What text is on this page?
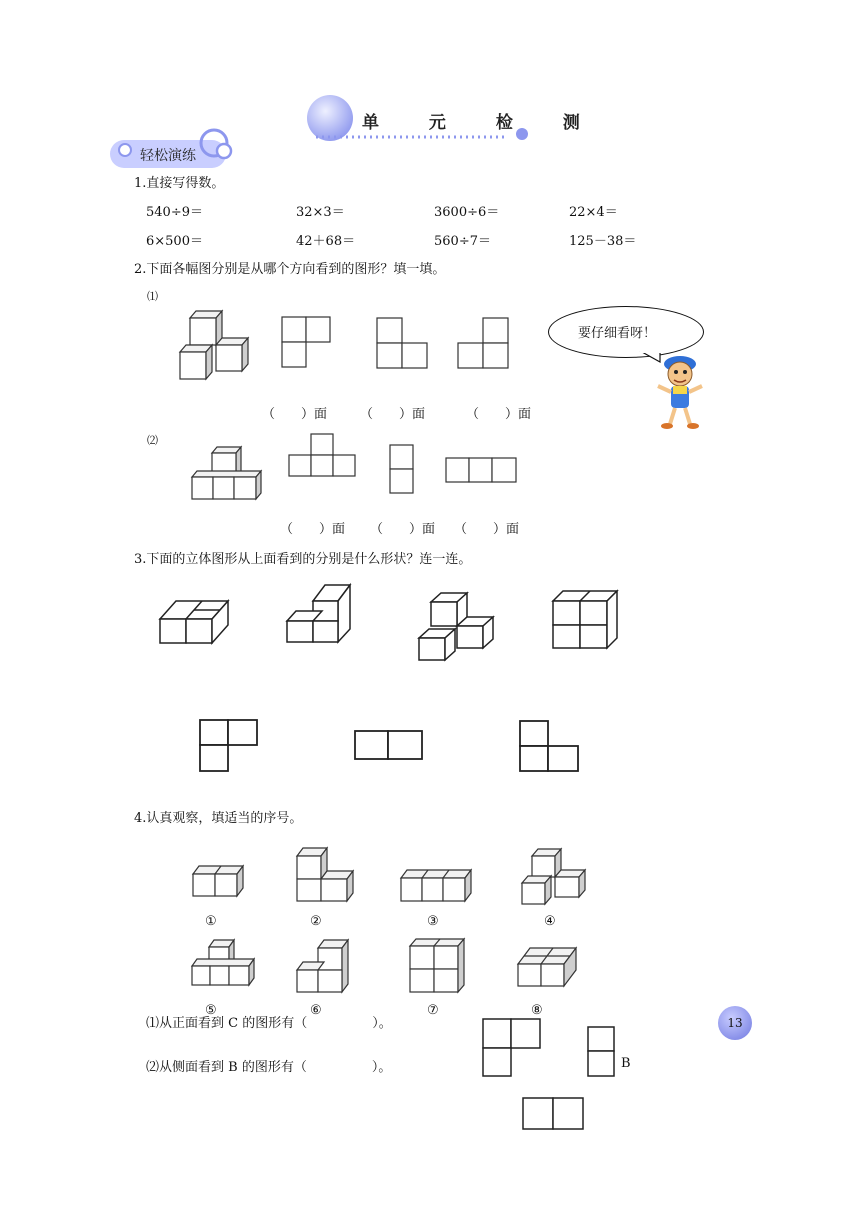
单 元 检 测
轻松演练
1.直接写得数。
540÷9＝	32×3＝	3600÷6＝	22×4＝
6×500＝	42＋68＝	560÷7＝	125－38＝
2.下面各幅图分别是从哪个方向看到的图形？填一填。
⑴
（　　）面	（　　）面	（　　）面
要仔细看呀！
⑵
（　　）面 （　　）面 （　　）面
3.下面的立体图形从上面看到的分别是什么形状？连一连。
4.认真观察，填适当的序号。
①	②	③	④
⑤	⑥	⑦	⑧
⑴从正面看到 C 的图形有（　　　　　）。
⑵从侧面看到 B 的图形有（　　　　　）。	B
13
